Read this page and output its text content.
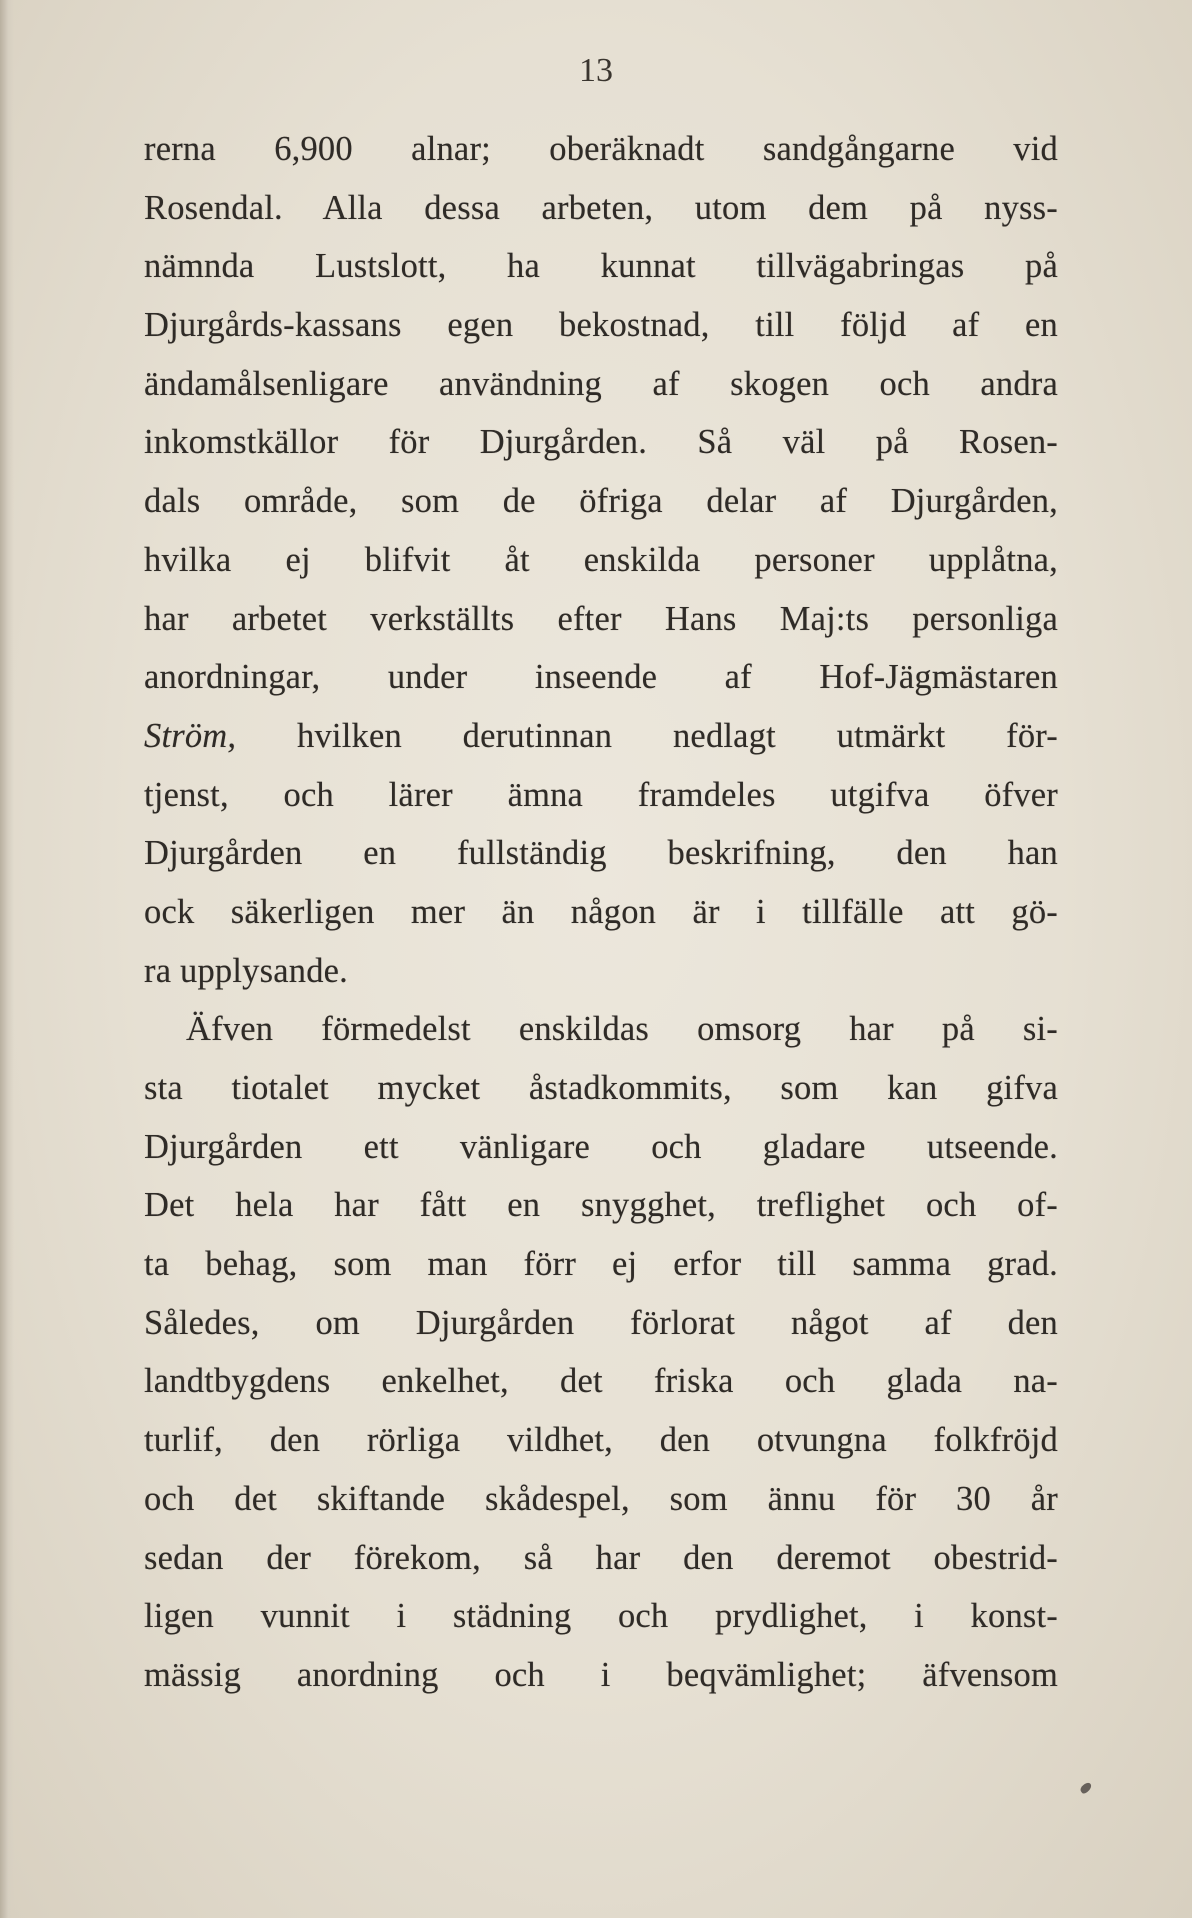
13
rerna 6,900 alnar; oberäknadt sandgångarne vid
Rosendal. Alla dessa arbeten, utom dem på nyss-
nämnda Lustslott, ha kunnat tillvägabringas på
Djurgårds-kassans egen bekostnad, till följd af en
ändamålsenligare användning af skogen och andra
inkomstkällor för Djurgården. Så väl på Rosen-
dals område, som de öfriga delar af Djurgården,
hvilka ej blifvit åt enskilda personer upplåtna,
har arbetet verkställts efter Hans Maj:ts personliga
anordningar, under inseende af Hof-Jägmästaren
Ström, hvilken derutinnan nedlagt utmärkt för-
tjenst, och lärer ämna framdeles utgifva öfver
Djurgården en fullständig beskrifning, den han
ock säkerligen mer än någon är i tillfälle att gö-
ra upplysande.
Äfven förmedelst enskildas omsorg har på si-
sta tiotalet mycket åstadkommits, som kan gifva
Djurgården ett vänligare och gladare utseende.
Det hela har fått en snygghet, treflighet och of-
ta behag, som man förr ej erfor till samma grad.
Således, om Djurgården förlorat något af den
landtbygdens enkelhet, det friska och glada na-
turlif, den rörliga vildhet, den otvungna folkfröjd
och det skiftande skådespel, som ännu för 30 år
sedan der förekom, så har den deremot obestrid-
ligen vunnit i städning och prydlighet, i konst-
mässig anordning och i beqvämlighet; äfvensom
